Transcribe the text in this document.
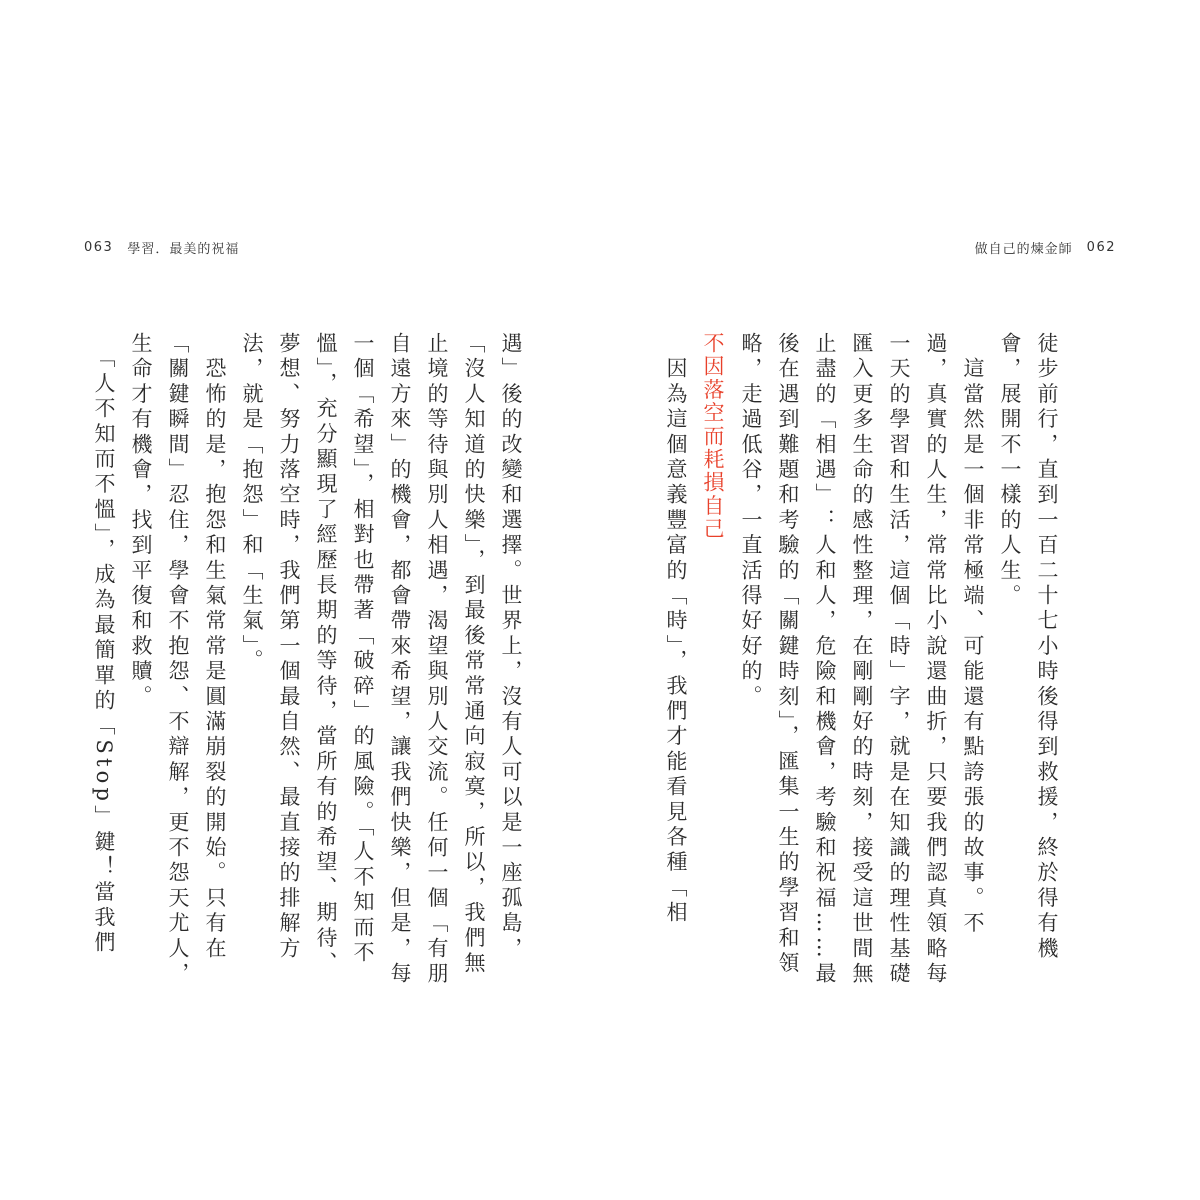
063 學習．最美的祝福	做自己的煉金師 062
徒步前行，直到一百二十七小時後得到救援，終於得有機
會，展開不一樣的人生。
　這當然是一個非常極端、可能還有點誇張的故事。不
過，真實的人生，常常比小說還曲折，只要我們認真領略每
一天的學習和生活，這個「時」字，就是在知識的理性基礎
匯入更多生命的感性整理，在剛剛好的時刻，接受這世間無
止盡的「相遇」：人和人，危險和機會，考驗和祝福……最
後在遇到難題和考驗的「關鍵時刻」，匯集一生的學習和領
略，走過低谷，一直活得好好的。
不因落空而耗損自己
　因為這個意義豐富的「時」，我們才能看見各種「相
遇」後的改變和選擇。世界上，沒有人可以是一座孤島，
「沒人知道的快樂」，到最後常常通向寂寞，所以，我們無
止境的等待與別人相遇，渴望與別人交流。任何一個「有朋
自遠方來」的機會，都會帶來希望，讓我們快樂，但是，每
一個「希望」，相對也帶著「破碎」的風險。「人不知而不
慍」，充分顯現了經歷長期的等待，當所有的希望、期待、
夢想、努力落空時，我們第一個最自然、最直接的排解方
法，就是「抱怨」和「生氣」。
　恐怖的是，抱怨和生氣常常是圓滿崩裂的開始。只有在
「關鍵瞬間」忍住，學會不抱怨、不辯解，更不怨天尤人，
生命才有機會，找到平復和救贖。
　「人不知而不慍」，成為最簡單的「Stop」鍵！當我們
